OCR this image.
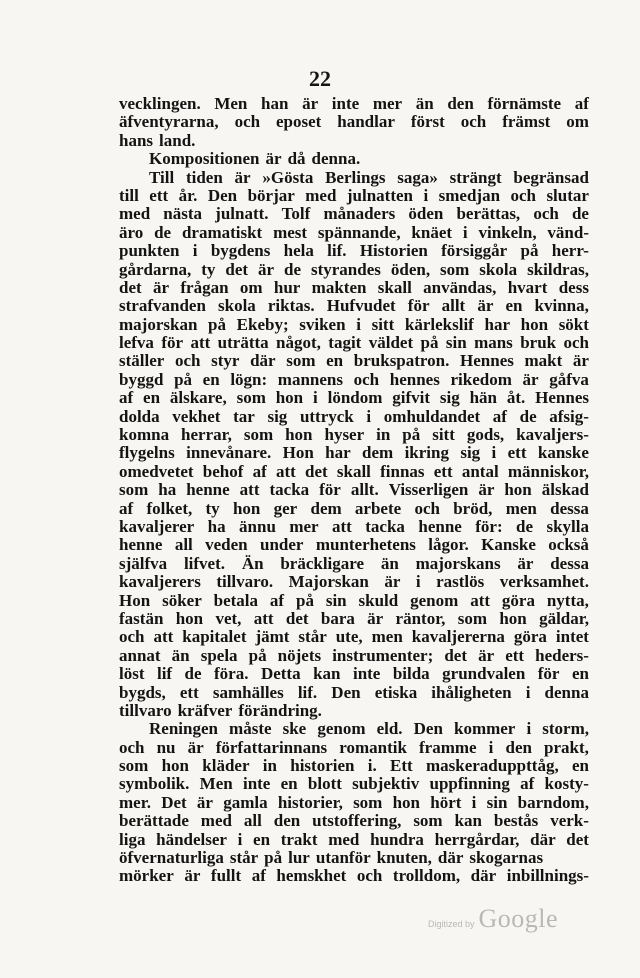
22
vecklingen. Men han är inte mer än den förnämste af
äfventyrarna, och eposet handlar först och främst om
hans land.
Kompositionen är då denna.
Till tiden är »Gösta Berlings saga» strängt begränsad
till ett år. Den börjar med julnatten i smedjan och slutar
med nästa julnatt. Tolf månaders öden berättas, och de
äro de dramatiskt mest spännande, knäet i vinkeln, vänd-
punkten i bygdens hela lif. Historien försiggår på herr-
gårdarna, ty det är de styrandes öden, som skola skildras,
det är frågan om hur makten skall användas, hvart dess
strafvanden skola riktas. Hufvudet för allt är en kvinna,
majorskan på Ekeby; sviken i sitt kärlekslif har hon sökt
lefva för att uträtta något, tagit väldet på sin mans bruk och
ställer och styr där som en brukspatron. Hennes makt är
byggd på en lögn: mannens och hennes rikedom är gåfva
af en älskare, som hon i löndom gifvit sig hän åt. Hennes
dolda vekhet tar sig uttryck i omhuldandet af de afsig-
komna herrar, som hon hyser in på sitt gods, kavaljers-
flygelns innevånare. Hon har dem ikring sig i ett kanske
omedvetet behof af att det skall finnas ett antal människor,
som ha henne att tacka för allt. Visserligen är hon älskad
af folket, ty hon ger dem arbete och bröd, men dessa
kavaljerer ha ännu mer att tacka henne för: de skylla
henne all veden under munterhetens lågor. Kanske också
själfva lifvet. Än bräckligare än majorskans är dessa
kavaljerers tillvaro. Majorskan är i rastlös verksamhet.
Hon söker betala af på sin skuld genom att göra nytta,
fastän hon vet, att det bara är räntor, som hon gäldar,
och att kapitalet jämt står ute, men kavaljererna göra intet
annat än spela på nöjets instrumenter; det är ett heders-
löst lif de föra. Detta kan inte bilda grundvalen för en
bygds, ett samhälles lif. Den etiska ihåligheten i denna
tillvaro kräfver förändring.
Reningen måste ske genom eld. Den kommer i storm,
och nu är författarinnans romantik framme i den prakt,
som hon kläder in historien i. Ett maskeraduppttåg, en
symbolik. Men inte en blott subjektiv uppfinning af kosty-
mer. Det är gamla historier, som hon hört i sin barndom,
berättade med all den utstoffering, som kan bestås verk-
liga händelser i en trakt med hundra herrgårdar, där det
öfvernaturliga står på lur utanför knuten, där skogarnas
mörker är fullt af hemskhet och trolldom, där inbillnings-
Digitized by Google
